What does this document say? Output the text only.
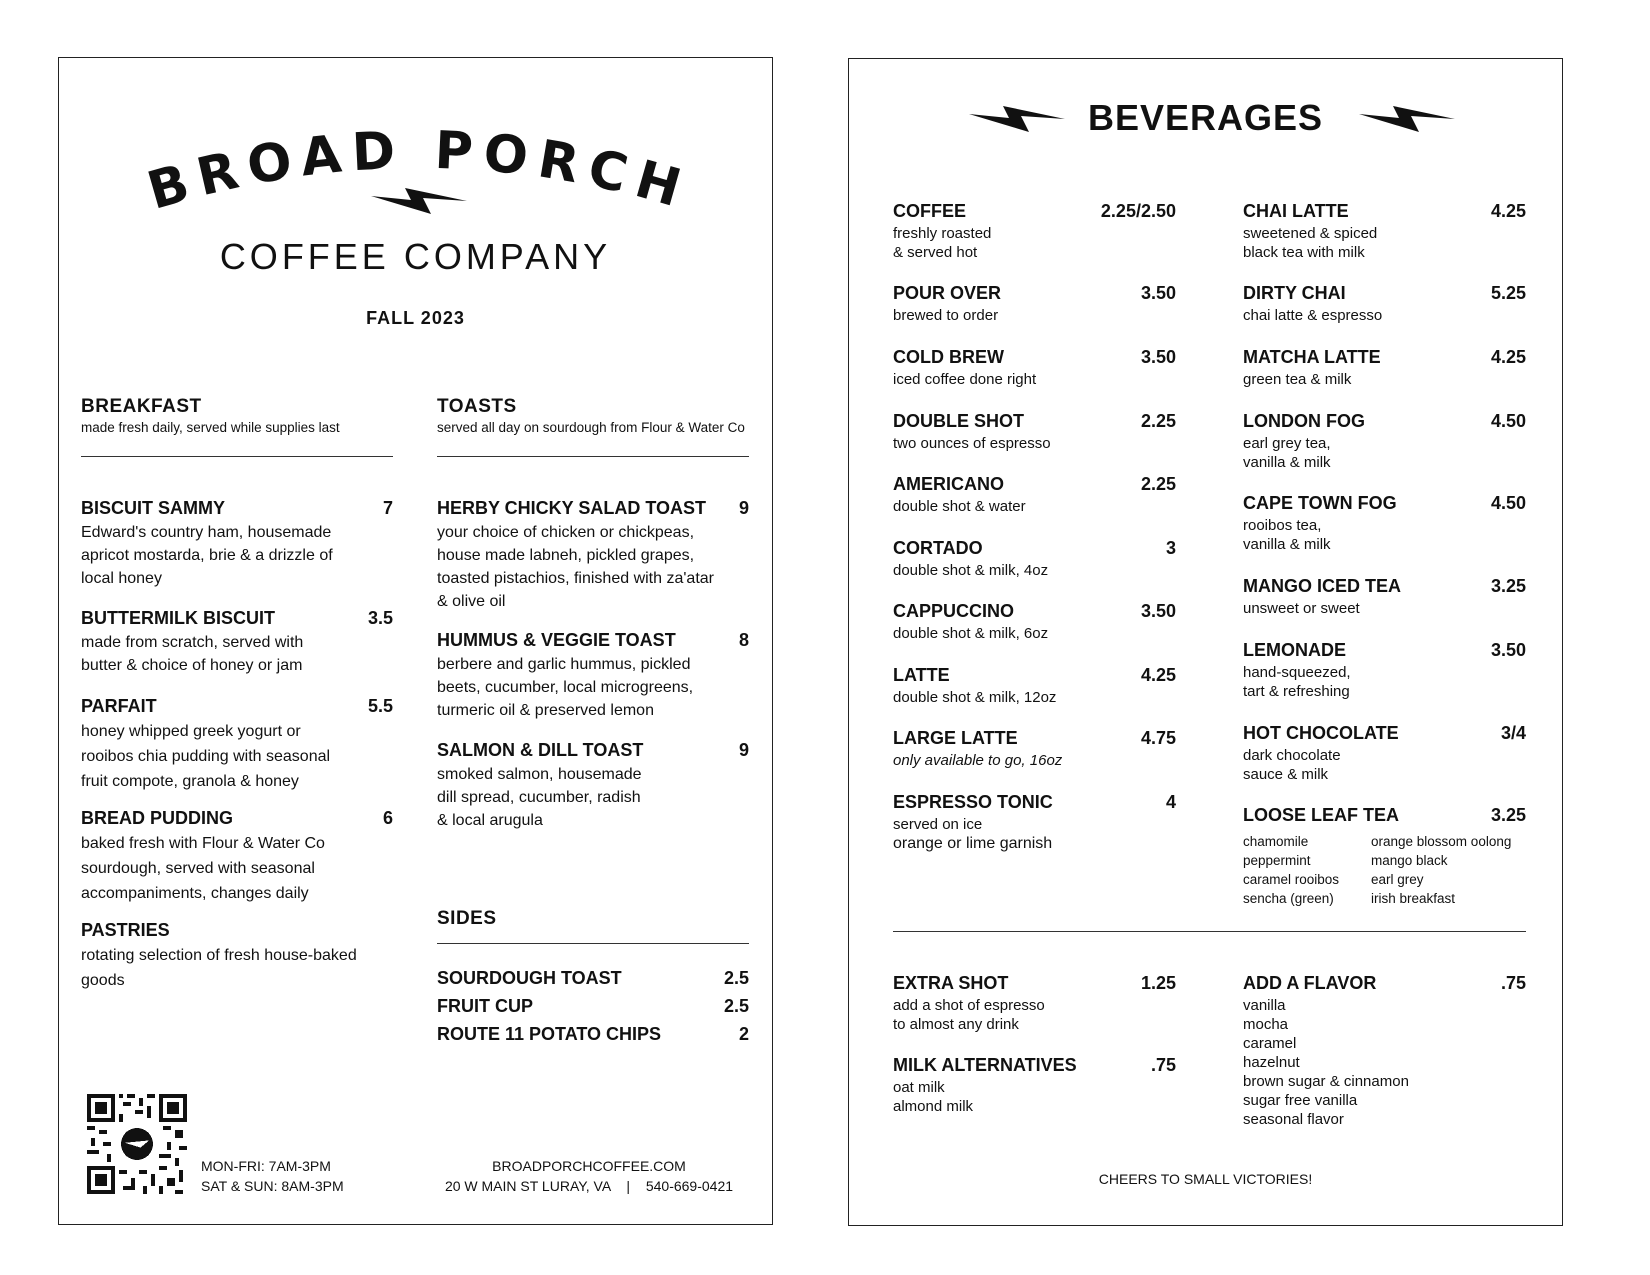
BROAD PORCH
COFFEE COMPANY
FALL 2023
BREAKFAST
made fresh daily, served while supplies last
BISCUIT SAMMY	7
Edward's country ham, housemade
apricot mostarda, brie & a drizzle of
local honey
BUTTERMILK BISCUIT	3.5
made from scratch, served with
butter & choice of honey or jam
PARFAIT	5.5
honey whipped greek yogurt or
rooibos chia pudding with seasonal
fruit compote, granola & honey
BREAD PUDDING	6
baked fresh with Flour & Water Co
sourdough, served with seasonal
accompaniments, changes daily
PASTRIES
rotating selection of fresh house-baked
goods
TOASTS
served all day on sourdough from Flour & Water Co
HERBY CHICKY SALAD TOAST 9
your choice of chicken or chickpeas,
house made labneh, pickled grapes,
toasted pistachios, finished with za'atar
& olive oil
HUMMUS & VEGGIE TOAST	8
berbere and garlic hummus, pickled
beets, cucumber, local microgreens,
turmeric oil & preserved lemon
SALMON & DILL TOAST	9
smoked salmon, housemade
dill spread, cucumber, radish
& local arugula
SIDES
SOURDOUGH TOAST	2.5
FRUIT CUP	2.5
ROUTE 11 POTATO CHIPS	2
MON-FRI: 7AM-3PM
SAT & SUN: 8AM-3PM
BROADPORCHCOFFEE.COM
20 W MAIN ST LURAY, VA | 540-669-0421
BEVERAGES
COFFEE	2.25/2.50
freshly roasted
& served hot
POUR OVER	3.50
brewed to order
COLD BREW	3.50
iced coffee done right
DOUBLE SHOT	2.25
two ounces of espresso
AMERICANO	2.25
double shot & water
CORTADO	3
double shot & milk, 4oz
CAPPUCCINO	3.50
double shot & milk, 6oz
LATTE	4.25
double shot & milk, 12oz
LARGE LATTE	4.75
only available to go, 16oz
ESPRESSO TONIC	4
served on ice
orange or lime garnish
CHAI LATTE	4.25
sweetened & spiced
black tea with milk
DIRTY CHAI	5.25
chai latte & espresso
MATCHA LATTE	4.25
green tea & milk
LONDON FOG	4.50
earl grey tea,
vanilla & milk
CAPE TOWN FOG	4.50
rooibos tea,
vanilla & milk
MANGO ICED TEA	3.25
unsweet or sweet
LEMONADE	3.50
hand-squeezed,
tart & refreshing
HOT CHOCOLATE	3/4
dark chocolate
sauce & milk
LOOSE LEAF TEA	3.25
chamomile	orange blossom oolong
peppermint	mango black
caramel rooibos	earl grey
sencha (green)	irish breakfast
EXTRA SHOT	1.25
add a shot of espresso
to almost any drink
MILK ALTERNATIVES	.75
oat milk
almond milk
ADD A FLAVOR	.75
vanilla
mocha
caramel
hazelnut
brown sugar & cinnamon
sugar free vanilla
seasonal flavor
CHEERS TO SMALL VICTORIES!
